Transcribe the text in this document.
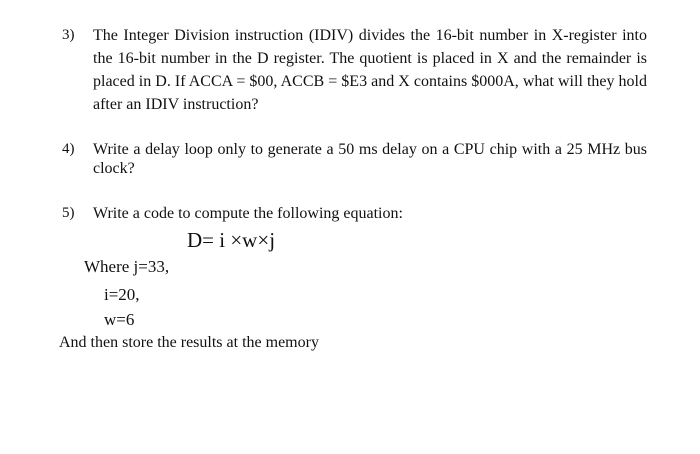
3) The Integer Division instruction (IDIV) divides the 16-bit number in X-register into the 16-bit number in the D register. The quotient is placed in X and the remainder is placed in D. If ACCA = $00, ACCB = $E3 and X contains $000A, what will they hold after an IDIV instruction?
4) Write a delay loop only to generate a 50 ms delay on a CPU chip with a 25 MHz bus clock?
5) Write a code to compute the following equation:
D= i ×w×j
Where j=33,
i=20,
w=6
And then store the results at the memory
